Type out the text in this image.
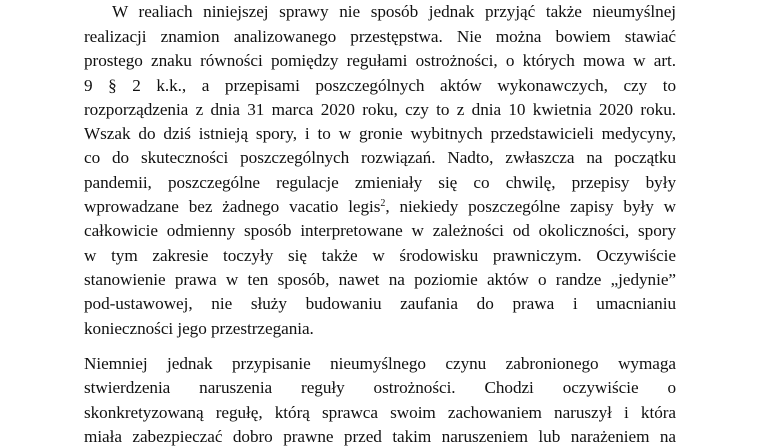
W realiach niniejszej sprawy nie sposób jednak przyjąć także nieumyślnej
realizacji znamion analizowanego przestępstwa. Nie można bowiem stawiać
prostego znaku równości pomiędzy regułami ostrożności, o których mowa w art.
9 § 2 k.k., a przepisami poszczególnych aktów wykonawczych, czy to
rozporządzenia z dnia 31 marca 2020 roku, czy to z dnia 10 kwietnia 2020 roku.
Wszak do dziś istnieją spory, i to w gronie wybitnych przedstawicieli medycyny,
co do skuteczności poszczególnych rozwiązań. Nadto, zwłaszcza na początku
pandemii, poszczególne regulacje zmieniały się co chwilę, przepisy były
wprowadzane bez żadnego vacatio legis$^2$, niekiedy poszczególne zapisy były w
całkowicie odmienny sposób interpretowane w zależności od okoliczności, spory
w tym zakresie toczyły się także w środowisku prawniczym. Oczywiście
stanowienie prawa w ten sposób, nawet na poziomie aktów o randze „jedynie”
pod-ustawowej, nie służy budowaniu zaufania do prawa i umacnianiu
konieczności jego przestrzegania.
Niemniej jednak przypisanie nieumyślnego czynu zabronionego wymaga
stwierdzenia naruszenia reguły ostrożności. Chodzi oczywiście o
skonkretyzowaną regułę, którą sprawca swoim zachowaniem naruszył i która
miała zabezpieczać dobro prawne przed takim naruszeniem lub narażeniem na
